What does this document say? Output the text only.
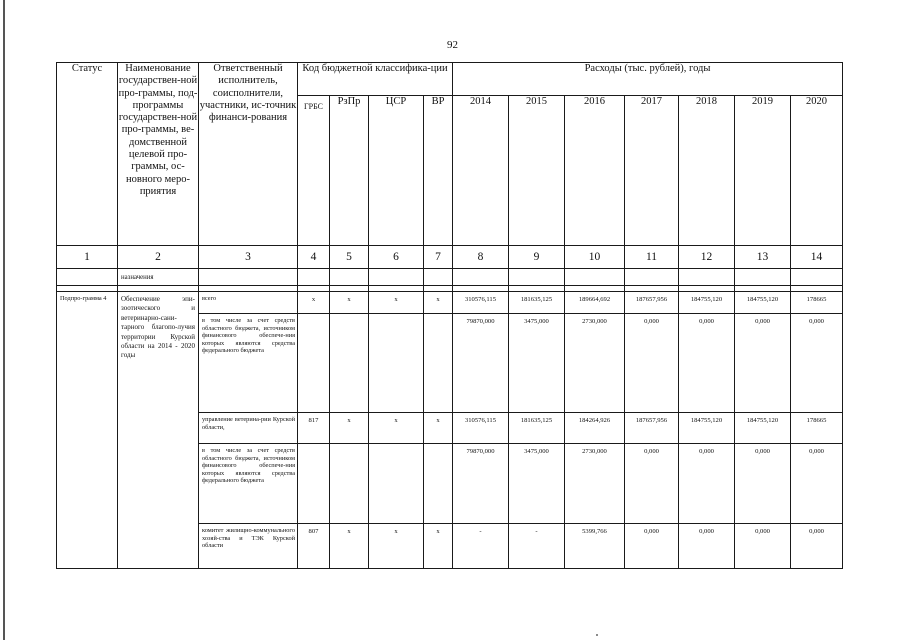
92
Статус	Наименование государствен-ной про-граммы, под-программы государствен-ной про-граммы, ве-домственной целевой про-граммы, ос-новного меро-приятия	Ответственный исполнитель, соисполнители, участники, ис-точник финанси-рования	Код бюджетной классифика-ции				Расходы (тыс. рублей), годы						
			ГРБС	РзПр	ЦСР	ВР	2014	2015	2016	2017	2018	2019	2020
1	2	3	4	5	6	7	8	9	10	11	12	13	14
	назначения												

Подпро-грамма 4	Обеспечение эпи-зоотического и ветеринарно-сани-тарного благопо-лучия территории Курской области на 2014 - 2020 годы	всего	x	x	x	x	310576,115	181635,125	189664,692	187657,956	184755,120	184755,120	178665
		в том числе за счет средств областного бюджета, источником финансового обеспече-ния которых являются средства федерального бюджета					79870,000	3475,000	2730,000	0,000	0,000	0,000	0,000
		управление ветерина-рии Курской области,	817	x	x	x	310576,115	181635,125	184264,926	187657,956	184755,120	184755,120	178665
		в том числе за счет средств областного бюджета, источником финансового обеспече-ния которых являются средства федерального бюджета					79870,000	3475,000	2730,000	0,000	0,000	0,000	0,000
		комитет жилищно-коммунального хозяй-ства и ТЭК Курской области	807	x	x	x	-	-	5399,766	0,000	0,000	0,000	0,000
